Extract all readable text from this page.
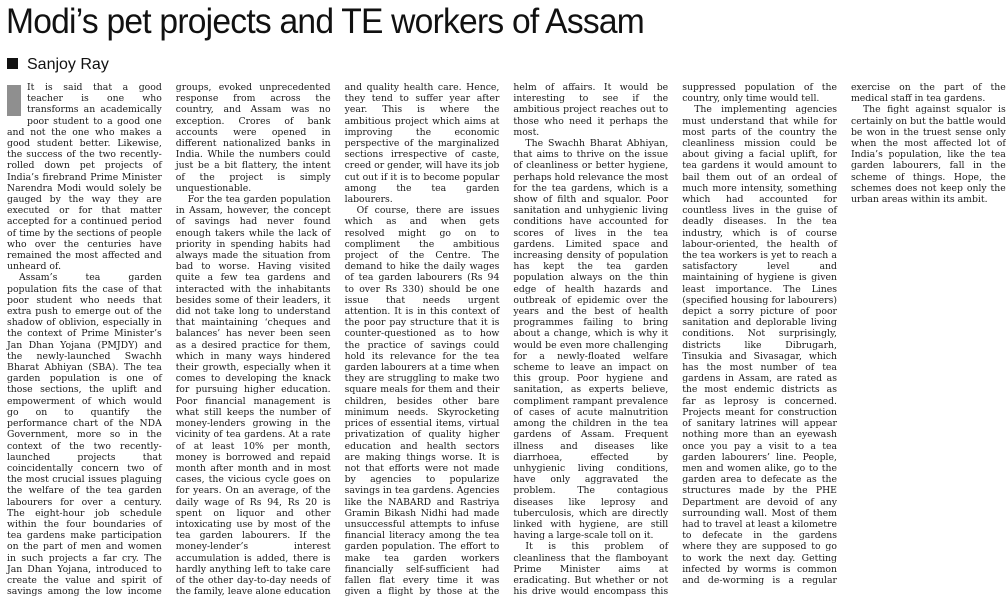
Modi’s pet projects and TE workers of Assam
Sanjoy Ray

It is said that a good teacher is one who transforms an academically poor student to a good one and not the one who makes a good student better. Likewise, the success of the two recently-rolled down pet projects of India’s firebrand Prime Minister Narendra Modi would solely be gauged by the way they are executed or for that matter accepted for a continued period of time by the sections of people who over the centuries have remained the most affected and unheard of.

Assam’s tea garden population fits the case of that poor student who needs that extra push to emerge out of the shadow of oblivion, especially in the context of Prime Minister’s Jan Dhan Yojana (PMJDY) and the newly-launched Swachh Bharat Abhiyan (SBA). The tea garden population is one of those sections, the uplift and empowerment of which would go on to quantify the performance chart of the NDA Government, more so in the context of the two recently-launched projects that coincidentally concern two of the most crucial issues plaguing the welfare of the tea garden labourers for over a century. The eight-hour job schedule within the four boundaries of tea gardens make participation on the part of men and women in such projects a far cry. The Jan Dhan Yojana, introduced to create the value and spirit of savings among the low income groups, evoked unprecedented response from across the country, and Assam was no exception. Crores of bank accounts were opened in different nationalized banks in India. While the numbers could just be a bit flattery, the intent of the project is simply unquestionable.

For the tea garden population in Assam, however, the concept of savings had never found enough takers while the lack of priority in spending habits had always made the situation from bad to worse. Having visited quite a few tea gardens and interacted with the inhabitants besides some of their leaders, it did not take long to understand that maintaining ‘cheques and balances’ has never been seen as a desired practice for them, which in many ways hindered their growth, especially when it comes to developing the knack for pursuing higher education. Poor financial management is what still keeps the number of money-lenders growing in the vicinity of tea gardens. At a rate of at least 10% per month, money is borrowed and repaid month after month and in most cases, the vicious cycle goes on for years. On an average, of the daily wage of Rs 94, Rs 20 is spent on liquor and other intoxicating use by most of the tea garden labourers. If the money-lender’s interest accumulation is added, there is hardly anything left to take care of the other day-to-day needs of the family, leave alone education and quality health care. Hence, they tend to suffer year after year. This is where the ambitious project which aims at improving the economic perspective of the marginalized sections irrespective of caste, creed or gender, will have its job cut out if it is to become popular among the tea garden labourers.

Of course, there are issues which as and when gets resolved might go on to compliment the ambitious project of the Centre. The demand to hike the daily wages of tea garden labourers (Rs 94 to over Rs 330) should be one issue that needs urgent attention. It is in this context of the poor pay structure that it is counter-questioned as to how the practice of savings could hold its relevance for the tea garden labourers at a time when they are struggling to make two square meals for them and their children, besides other bare minimum needs. Skyrocketing prices of essential items, virtual privatization of quality higher education and health sectors are making things worse. It is not that efforts were not made by agencies to popularize savings in tea gardens. Agencies like the NABARD and Rastriya Gramin Bikash Nidhi had made unsuccessful attempts to infuse financial literacy among the tea garden population. The effort to make tea garden workers financially self-sufficient had fallen flat every time it was given a flight by those at the helm of affairs. It would be interesting to see if the ambitious project reaches out to those who need it perhaps the most.

The Swachh Bharat Abhiyan, that aims to thrive on the issue of cleanliness or better hygiene, perhaps hold relevance the most for the tea gardens, which is a show of filth and squalor. Poor sanitation and unhygienic living conditions have accounted for scores of lives in the tea gardens. Limited space and increasing density of population has kept the tea garden population always on the thin edge of health hazards and outbreak of epidemic over the years and the best of health programmes failing to bring about a change, which is why it would be even more challenging for a newly-floated welfare scheme to leave an impact on this group. Poor hygiene and sanitation, as experts believe, compliment rampant prevalence of cases of acute malnutrition among the children in the tea gardens of Assam. Frequent illness and diseases like diarrhoea, effected by unhygienic living conditions, have only aggravated the problem. The contagious diseases like leprosy and tuberculosis, which are directly linked with hygiene, are still having a large-scale toll on it.

It is this problem of cleanliness that the flamboyant Prime Minister aims at eradicating. But whether or not his drive would encompass this suppressed population of the country, only time would tell.

The implementing agencies must understand that while for most parts of the country the cleanliness mission could be about giving a facial uplift, for tea gardens it would amount to bail them out of an ordeal of much more intensity, something which had accounted for countless lives in the guise of deadly diseases. In the tea industry, which is of course labour-oriented, the health of the tea workers is yet to reach a satisfactory level and maintaining of hygiene is given least importance. The Lines (specified housing for labourers) depict a sorry picture of poor sanitation and deplorable living conditions. Not surprisingly, districts like Dibrugarh, Tinsukia and Sivasagar, which has the most number of tea gardens in Assam, are rated as the most endemic districts as far as leprosy is concerned. Projects meant for construction of sanitary latrines will appear nothing more than an eyewash once you pay a visit to a tea garden labourers’ line. People, men and women alike, go to the garden area to defecate as the structures made by the PHE Department are devoid of any surrounding wall. Most of them had to travel at least a kilometre to defecate in the gardens where they are supposed to go to work the next day. Getting infected by worms is common and de-worming is a regular exercise on the part of the medical staff in tea gardens.

The fight against squalor is certainly on but the battle would be won in the truest sense only when the most affected lot of India’s population, like the tea garden labourers, fall in the scheme of things. Hope, the schemes does not keep only the urban areas within its ambit.
